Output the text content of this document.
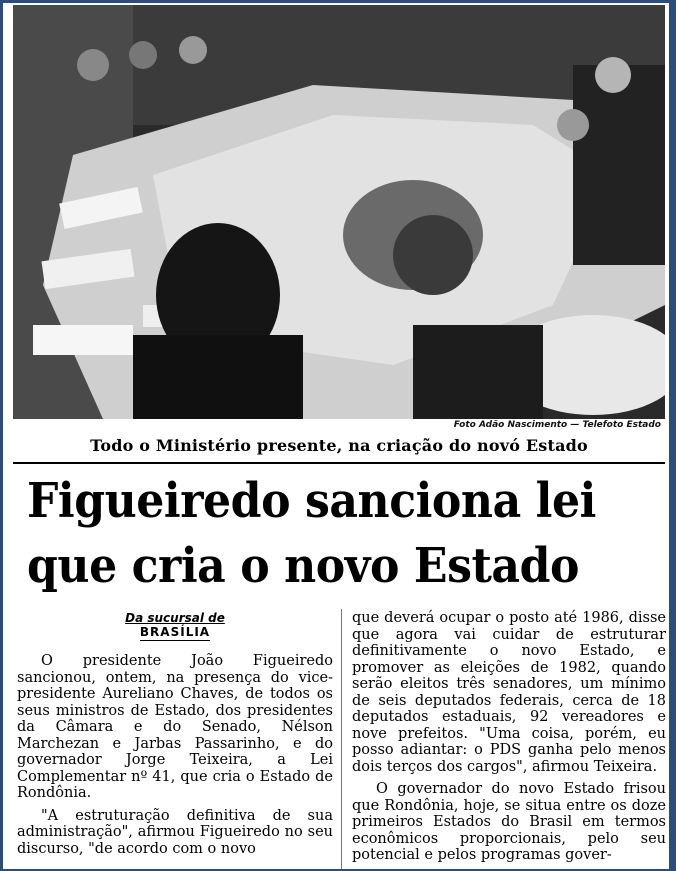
Foto Adão Nascimento — Telefoto Estado
Todo o Ministério presente, na criação do novó Estado
Figueiredo sanciona lei
que cria o novo Estado
Da sucursal de
BRASÍLIA

O presidente João Figueiredo sancionou, ontem, na presença do vice-presidente Aureliano Chaves, de todos os seus ministros de Estado, dos presidentes da Câmara e do Senado, Nélson Marchezan e Jarbas Passarinho, e do governador Jorge Teixeira, a Lei Complementar nº 41, que cria o Estado de Rondônia.

"A estruturação definitiva de sua administração", afirmou Figueiredo no seu discurso, "de acordo com o novo

que deverá ocupar o posto até 1986, disse que agora vai cuidar de estruturar definitivamente o novo Estado, e promover as eleições de 1982, quando serão eleitos três senadores, um mínimo de seis deputados federais, cerca de 18 deputados estaduais, 92 vereadores e nove prefeitos. "Uma coisa, porém, eu posso adiantar: o PDS ganha pelo menos dois terços dos cargos", afirmou Teixeira.

O governador do novo Estado frisou que Rondônia, hoje, se situa entre os doze primeiros Estados do Brasil em termos econômicos proporcionais, pelo seu potencial e pelos programas gover-
